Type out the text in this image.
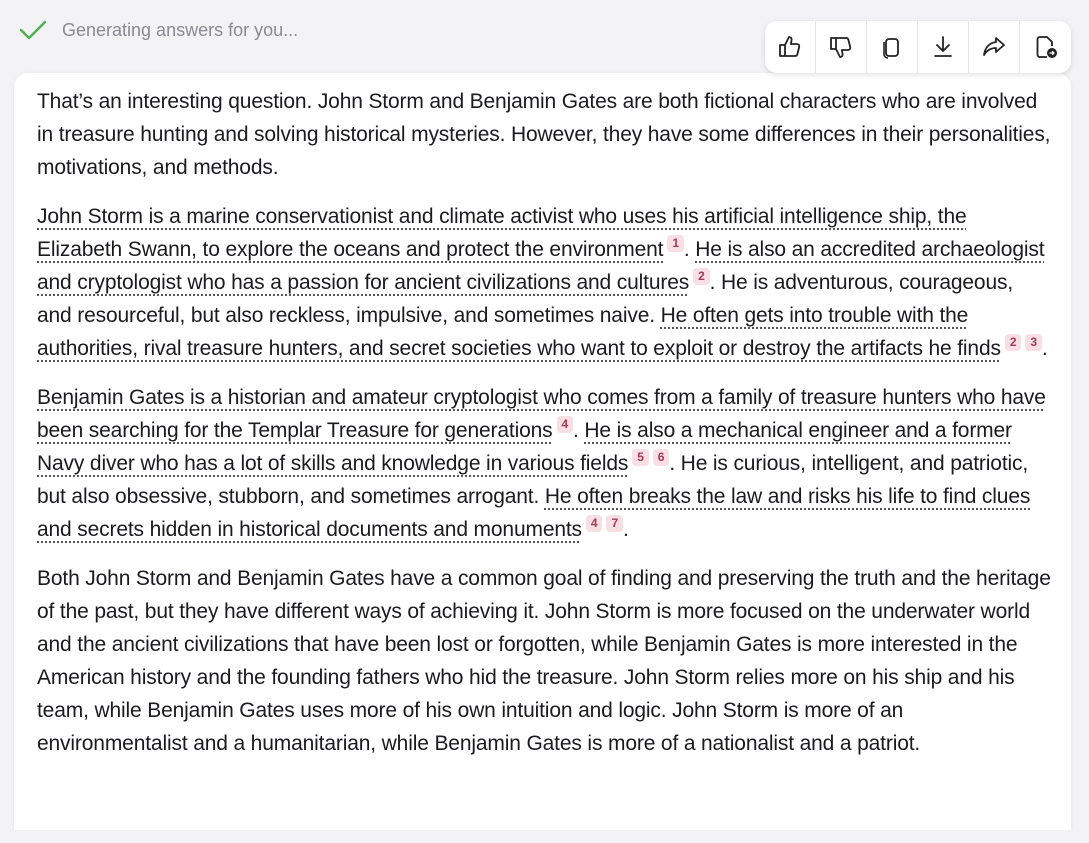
Generating answers for you...

That’s an interesting question. John Storm and Benjamin Gates are both fictional characters who are involved in treasure hunting and solving historical mysteries. However, they have some differences in their personalities, motivations, and methods.

John Storm is a marine conservationist and climate activist who uses his artificial intelligence ship, the Elizabeth Swann, to explore the oceans and protect the environment 1 . He is also an accredited archaeologist and cryptologist who has a passion for ancient civilizations and cultures 2 . He is adventurous, courageous, and resourceful, but also reckless, impulsive, and sometimes naive. He often gets into trouble with the authorities, rival treasure hunters, and secret societies who want to exploit or destroy the artifacts he finds 2 3 .

Benjamin Gates is a historian and amateur cryptologist who comes from a family of treasure hunters who have been searching for the Templar Treasure for generations 4 . He is also a mechanical engineer and a former Navy diver who has a lot of skills and knowledge in various fields 5 6 . He is curious, intelligent, and patriotic, but also obsessive, stubborn, and sometimes arrogant. He often breaks the law and risks his life to find clues and secrets hidden in historical documents and monuments 4 7 .

Both John Storm and Benjamin Gates have a common goal of finding and preserving the truth and the heritage of the past, but they have different ways of achieving it. John Storm is more focused on the underwater world and the ancient civilizations that have been lost or forgotten, while Benjamin Gates is more interested in the American history and the founding fathers who hid the treasure. John Storm relies more on his ship and his team, while Benjamin Gates uses more of his own intuition and logic. John Storm is more of an environmentalist and a humanitarian, while Benjamin Gates is more of a nationalist and a patriot.
